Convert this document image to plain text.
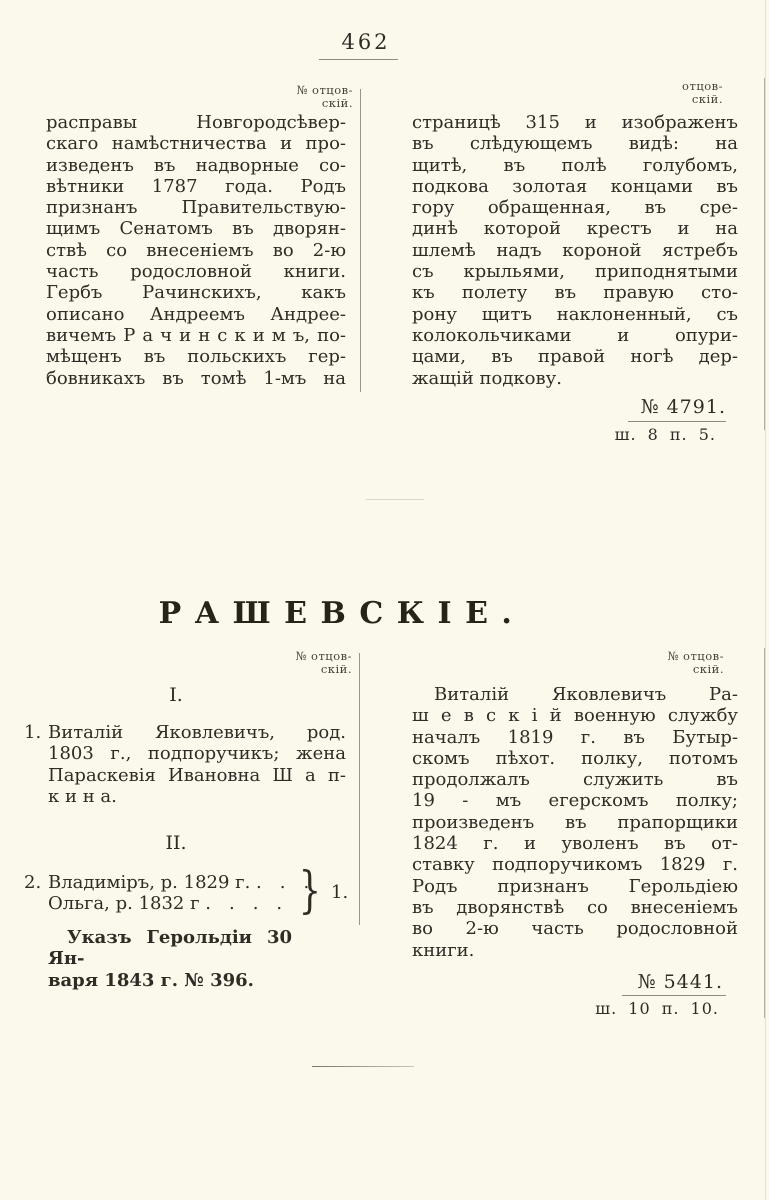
462
№ отцов-
скій.
отцов-
скій.
расправы Новгородсѣвер-
скаго намѣстничества и про-
изведенъ въ надворные со-
вѣтники 1787 года. Родъ
признанъ Правительствую-
щимъ Сенатомъ въ дворян-
ствѣ со внесеніемъ во 2-ю
часть родословной книги.
Гербъ Рачинскихъ, какъ
описано Андреемъ Андрее-
вичемъ Р а ч и н с к и м ъ, по-
мѣщенъ въ польскихъ гер-
бовникахъ въ томѣ 1-мъ на
страницѣ 315 и изображенъ
въ слѣдующемъ видѣ: на
щитѣ, въ полѣ голубомъ,
подкова золотая концами въ
гору обращенная, въ сре-
динѣ которой крестъ и на
шлемѣ надъ короной ястребъ
съ крыльями, приподнятыми
къ полету въ правую сто-
рону щитъ наклоненный, съ
колокольчиками и опури-
цами, въ правой ногѣ дер-
жащій подкову.
№ 4791.
ш. 8 п. 5.
РАШЕВСКІЕ.
№ отцов-
скій.
№ отцов-
скій.
I.
1. Виталій Яковлевичъ, род.
1803 г., подпоручикъ; жена
Параскевія Ивановна Ш а п-
к и н а.
II.
2. Владиміръ, р. 1829 г. . . .
Ольга, р. 1832 г . . . . } 1.
Указъ Герольдіи 30 Ян-
варя 1843 г. № 396.
Виталій Яковлевичъ Ра-
ш е в с к і й военную службу
началъ 1819 г. въ Бутыр-
скомъ пѣхот. полку, потомъ
продолжалъ служить въ
19 - мъ егерскомъ полку;
произведенъ въ прапорщики
1824 г. и уволенъ въ от-
ставку подпоручикомъ 1829 г.
Родъ признанъ Герольдіею
въ дворянствѣ со внесеніемъ
во 2-ю часть родословной
книги.
№ 5441.
ш. 10 п. 10.
